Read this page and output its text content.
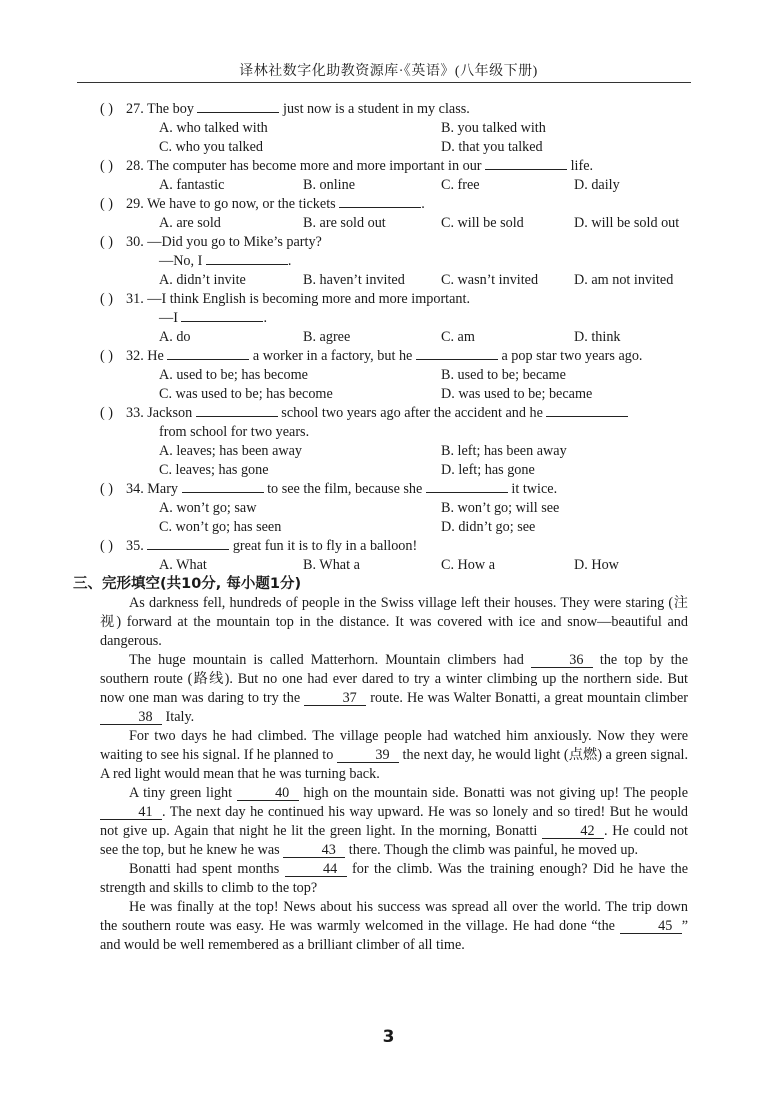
译林社数字化助教资源库·《英语》(八年级下册)
( ) 27. The boy	just now is a student in my class.
A. who talked with	B. you talked with
C. who you talked	D. that you talked
( ) 28. The computer has become more and more important in our	life.
A. fantastic	B. online	C. free	D. daily
( ) 29. We have to go now, or the tickets	.
A. are sold	B. are sold out	C. will be sold	D. will be sold out
( ) 30. —Did you go to Mike’s party?
—No, I	.
A. didn’t invite	B. haven’t invited	C. wasn’t invited	D. am not invited
( ) 31. —I think English is becoming more and more important.
—I	.
A. do	B. agree	C. am	D. think
( ) 32. He	a worker in a factory, but he	a pop star two years ago.
A. used to be; has become	B. used to be; became
C. was used to be; has become	D. was used to be; became
( ) 33. Jackson	school two years ago after the accident and he
from school for two years.
A. leaves; has been away	B. left; has been away
C. leaves; has gone	D. left; has gone
( ) 34. Mary	to see the film, because she	it twice.
A. won’t go; saw	B. won’t go; will see
C. won’t go; has seen	D. didn’t go; see
( ) 35.	great fun it is to fly in a balloon!
A. What	B. What a	C. How a	D. How
三、完形填空(共10分, 每小题1分)

As darkness fell, hundreds of people in the Swiss village left their houses. They were staring (注视) forward at the mountain top in the distance. It was covered with ice and snow—beautiful and dangerous.

The huge mountain is called Matterhorn. Mountain climbers had	36 the top by the southern route (路线). But no one had ever dared to try a winter climbing up the northern side. But now one man was daring to try the	37 route. He was Walter Bonatti, a great mountain climber 38 Italy.

For two days he had climbed. The village people had watched him anxiously. Now they were waiting to see his signal. If he planned to	39 the next day, he would light (点燃) a green signal. A red light would mean that he was turning back.

A tiny green light	40 high on the mountain side. Bonatti was not giving up! The people 41 . The next day he continued his way upward. He was so lonely and so tired! But he would not give up. Again that night he lit the green light. In the morning, Bonatti	42 . He could not see the top, but he knew he was	43 there. Though the climb was painful, he moved up.

Bonatti had spent months	44 for the climb. Was the training enough? Did he have the strength and skills to climb to the top?

He was finally at the top! News about his success was spread all over the world. The trip down the southern route was easy. He was warmly welcomed in the village. He had done “the	45 ” and would be well remembered as a brilliant climber of all time.

3
